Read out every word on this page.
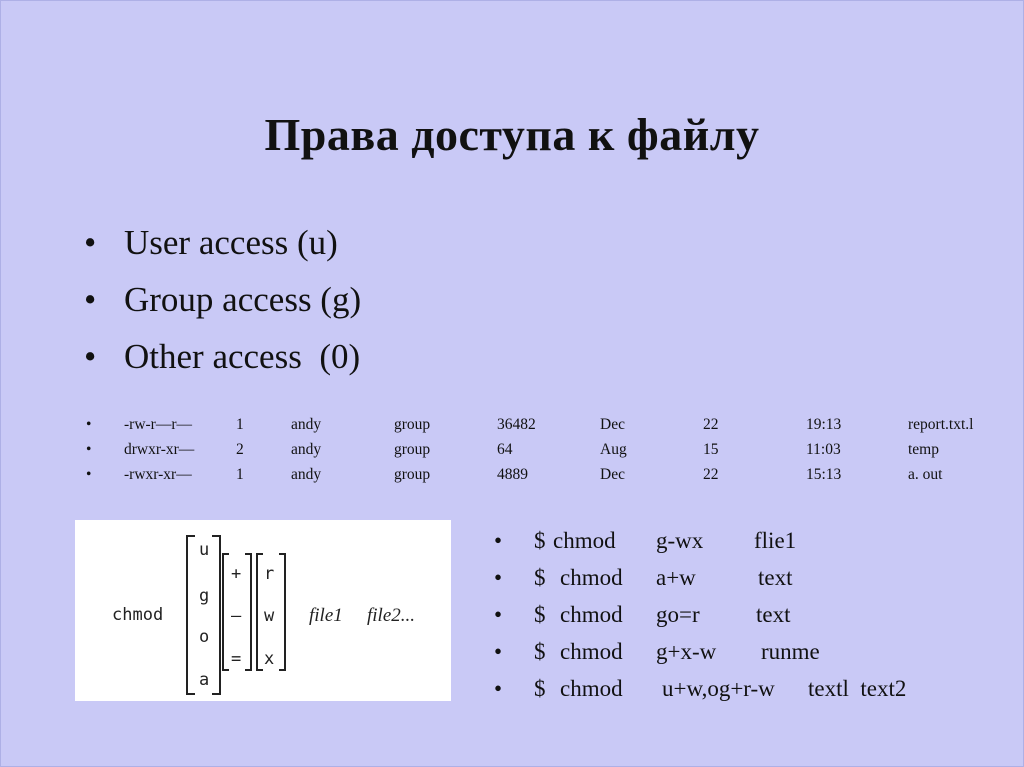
Права доступа к файлу
• User access (u)
• Group access (g)
• Other access  (0)
• -rw-r—r—	1	andy	group	36482	Dec	22	19:13	report.txt.l
• drwxr-xr—	2	andy	group	64	Aug	15	11:03	temp
• -rwxr-xr—	1	andy	group	4889	Dec	22	15:13	a. out
chmod
u
g
o
a
+
–
=
r
w
x
file1 file2...
• $ chmod g-wx flie1
• $ chmod a+w	text
• $ chmod go=r text
• $ chmod g+x-w runme
• $ chmod u+w,og+r-w textl  text2
